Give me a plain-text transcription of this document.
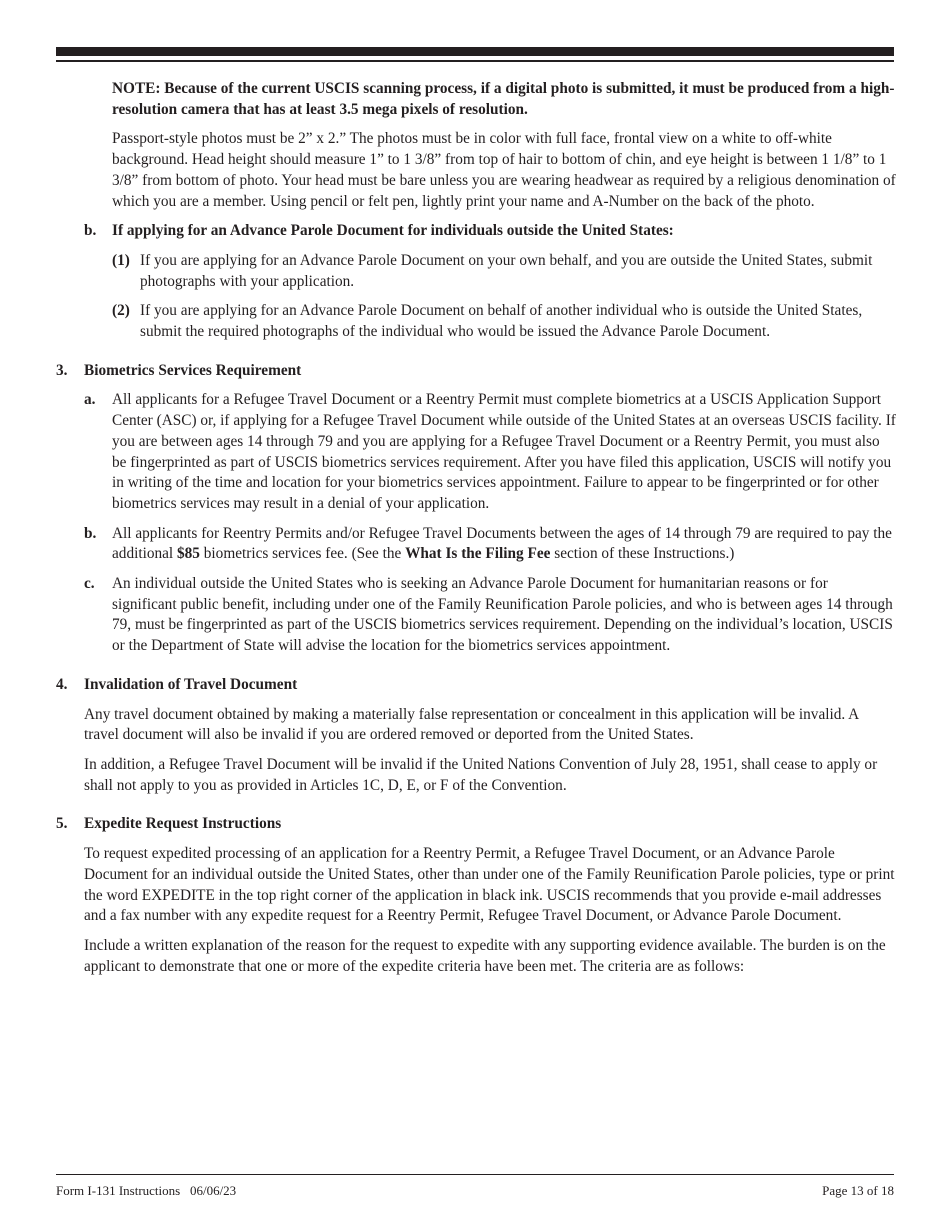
NOTE: Because of the current USCIS scanning process, if a digital photo is submitted, it must be produced from a high-resolution camera that has at least 3.5 mega pixels of resolution.

Passport-style photos must be 2” x 2.” The photos must be in color with full face, frontal view on a white to off-white background. Head height should measure 1” to 1 3/8” from top of hair to bottom of chin, and eye height is between 1 1/8” to 1 3/8” from bottom of photo. Your head must be bare unless you are wearing headwear as required by a religious denomination of which you are a member. Using pencil or felt pen, lightly print your name and A-Number on the back of the photo.

b.	If applying for an Advance Parole Document for individuals outside the United States:
(1) If you are applying for an Advance Parole Document on your own behalf, and you are outside the United States, submit photographs with your application.
(2) If you are applying for an Advance Parole Document on behalf of another individual who is outside the United States, submit the required photographs of the individual who would be issued the Advance Parole Document.
3.	Biometrics Services Requirement
a.	All applicants for a Refugee Travel Document or a Reentry Permit must complete biometrics at a USCIS Application Support Center (ASC) or, if applying for a Refugee Travel Document while outside of the United States at an overseas USCIS facility. If you are between ages 14 through 79 and you are applying for a Refugee Travel Document or a Reentry Permit, you must also be fingerprinted as part of USCIS biometrics services requirement. After you have filed this application, USCIS will notify you in writing of the time and location for your biometrics services appointment. Failure to appear to be fingerprinted or for other biometrics services may result in a denial of your application.
b.	All applicants for Reentry Permits and/or Refugee Travel Documents between the ages of 14 through 79 are required to pay the additional $85 biometrics services fee. (See the What Is the Filing Fee section of these Instructions.)
c.	An individual outside the United States who is seeking an Advance Parole Document for humanitarian reasons or for significant public benefit, including under one of the Family Reunification Parole policies, and who is between ages 14 through 79, must be fingerprinted as part of the USCIS biometrics services requirement. Depending on the individual’s location, USCIS or the Department of State will advise the location for the biometrics services appointment.
4.	Invalidation of Travel Document

Any travel document obtained by making a materially false representation or concealment in this application will be invalid. A travel document will also be invalid if you are ordered removed or deported from the United States.

In addition, a Refugee Travel Document will be invalid if the United Nations Convention of July 28, 1951, shall cease to apply or shall not apply to you as provided in Articles 1C, D, E, or F of the Convention.

5.	Expedite Request Instructions

To request expedited processing of an application for a Reentry Permit, a Refugee Travel Document, or an Advance Parole Document for an individual outside the United States, other than under one of the Family Reunification Parole policies, type or print the word EXPEDITE in the top right corner of the application in black ink. USCIS recommends that you provide e-mail addresses and a fax number with any expedite request for a Reentry Permit, Refugee Travel Document, or Advance Parole Document.

Include a written explanation of the reason for the request to expedite with any supporting evidence available. The burden is on the applicant to demonstrate that one or more of the expedite criteria have been met. The criteria are as follows:

Form I-131 Instructions   06/06/23	Page 13 of 18
